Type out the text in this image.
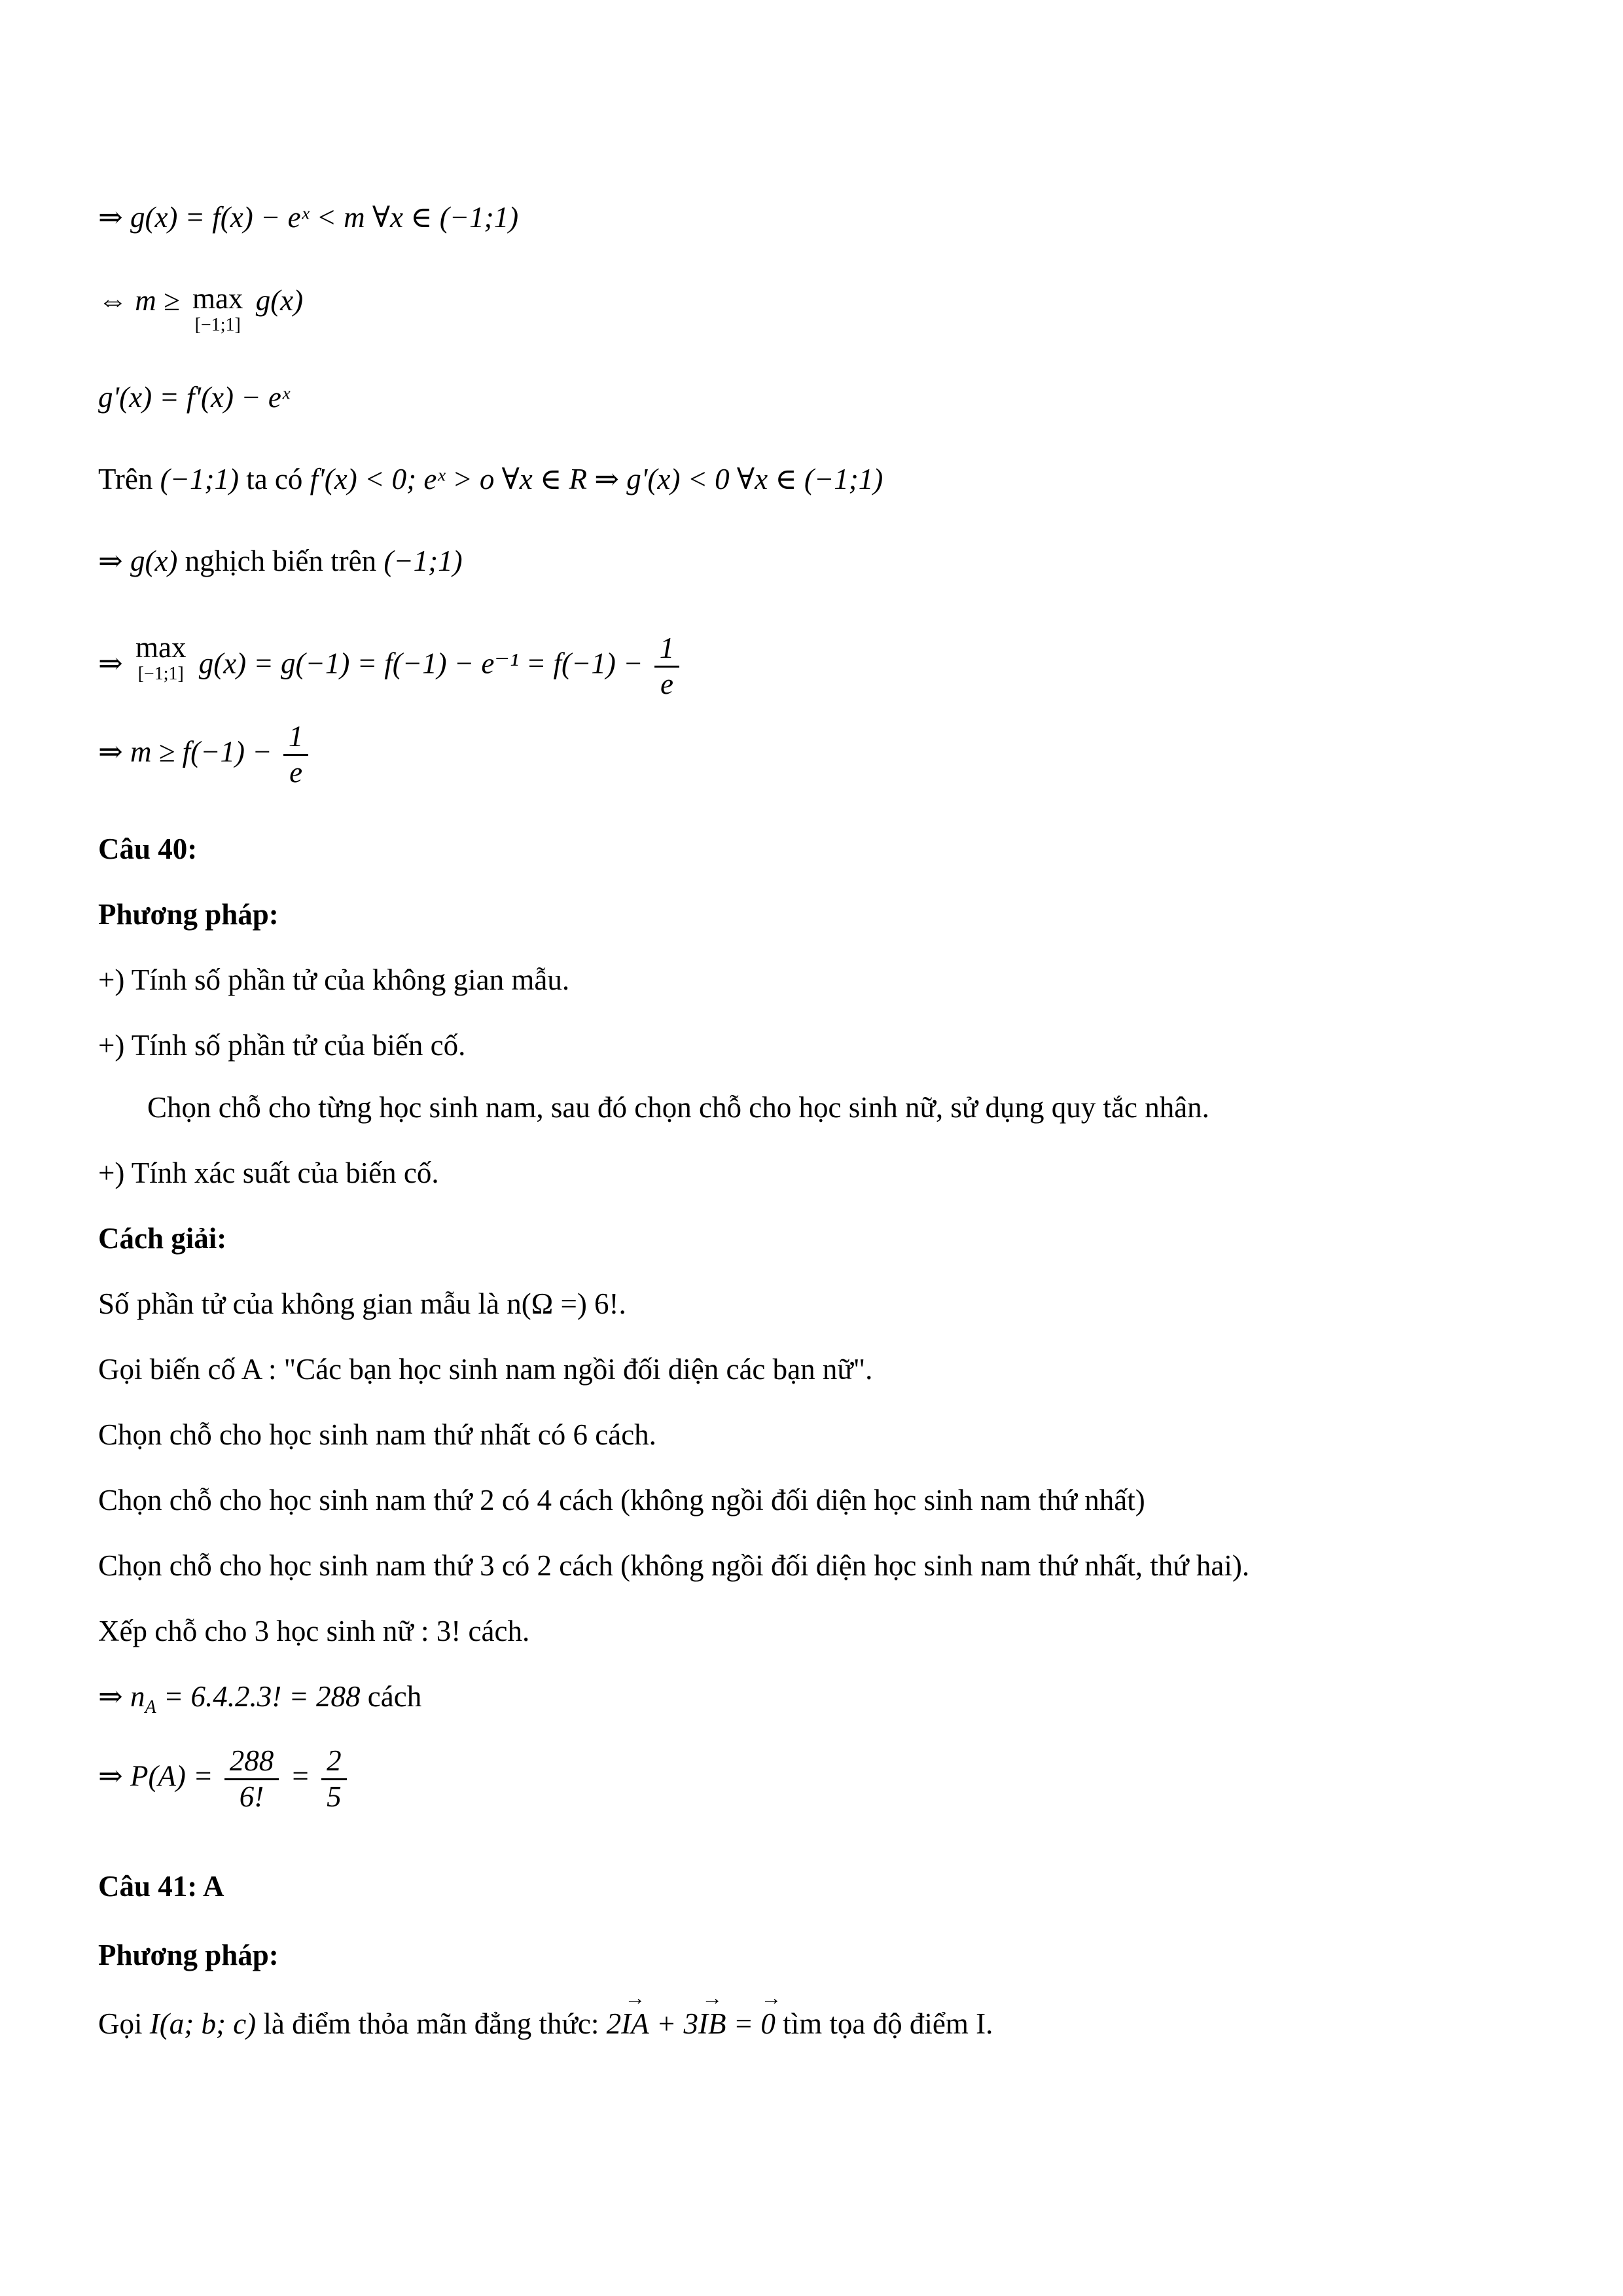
⇒ g(x) = f(x) − eˣ < m ∀x ∈ (−1;1)
⇔ m ≥ max
[−1;1]
g(x)
g'(x) = f'(x) − eˣ
Trên (−1;1) ta có f'(x) < 0; eˣ > o ∀x ∈ R ⇒ g'(x) < 0 ∀x ∈ (−1;1)
⇒ g(x) nghịch biến trên (−1;1)
⇒ max
[−1;1] $g(x) = g(-1) = f(-1) - e^{-1} = f(-1) - \frac{1}{e}$
⇒ $m \ge f(-1) - \frac{1}{e}$
Câu 40:
Phương pháp:
+) Tính số phần tử của không gian mẫu.
+) Tính số phần tử của biến cố.
Chọn chỗ cho từng học sinh nam, sau đó chọn chỗ cho học sinh nữ, sử dụng quy tắc nhân.
+) Tính xác suất của biến cố.
Cách giải:
Số phần tử của không gian mẫu là n(Ω =) 6!.
Gọi biến cố A : "Các bạn học sinh nam ngồi đối diện các bạn nữ".
Chọn chỗ cho học sinh nam thứ nhất có 6 cách.
Chọn chỗ cho học sinh nam thứ 2 có 4 cách (không ngồi đối diện học sinh nam thứ nhất)
Chọn chỗ cho học sinh nam thứ 3 có 2 cách (không ngồi đối diện học sinh nam thứ nhất, thứ hai).
Xếp chỗ cho 3 học sinh nữ : 3! cách.
⇒ $n_A = 6.4.2.3$! = 288 cách
⇒ $P(A) = \frac{288}{6!} = \frac{2}{5}$
Câu 41: A
Phương pháp:
Gọi I(a; b; c) là điểm thỏa mãn đẳng thức: 2→ IA + 3→ IB = → 0 tìm tọa độ điểm I.
